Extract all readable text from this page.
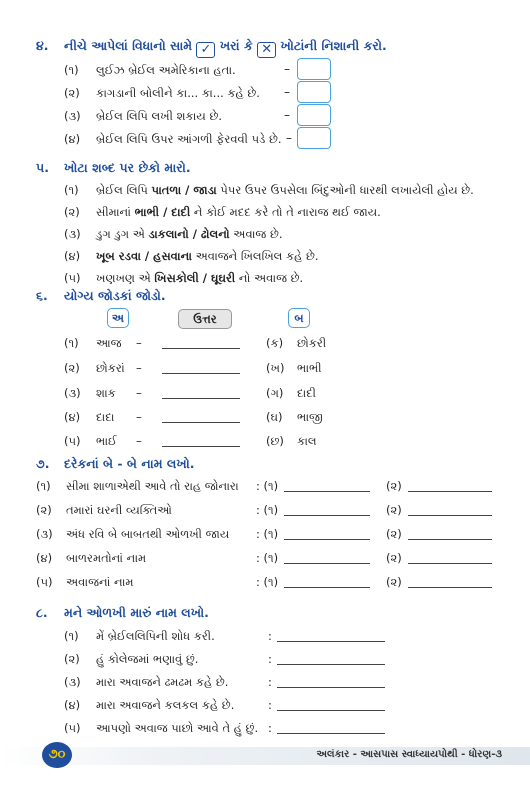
૪. નીચે આપેલાં વિધાનો સામે ✓ ખરાં કે ✕ ખોટાંની નિશાની કરો.
(૧) લુઈઝ બ્રેઈલ અમેરિકાના હતા.	–
(૨) કાગડાની બોલીને કા... કા... કહે છે. –
(૩) બ્રેઈલ લિપિ લખી શકાય છે.	–
(૪) બ્રેઈલ લિપિ ઉપર આંગળી ફેરવવી પડે છે. –
૫. ખોટા શબ્દ પર છેકો મારો.
(૧) બ્રેઈલ લિપિ પાતળા / જાડા પેપર ઉપર ઉપસેલા બિંદુઓની ધારથી લખાયેલી હોય છે.
(૨) સીમાનાં ભાભી / દાદી ને કોઈ મદદ કરે તો તે નારાજ થઈ જાય.
(૩) ડુગ ડુગ એ ડાકલાનો / ઢોલનો અવાજ છે.
(૪) ખૂબ રડવા / હસવાના અવાજને ખિલખિલ કહે છે.
(૫) ખણખણ એ ખિસકોલી / ઘૂઘરી નો અવાજ છે.
૬. યોગ્ય જોડકાં જોડો.
અ	ઉત્તર	બ
(૧) આજ –	(ક) છોકરી
(૨) છોકરાં –	(ખ) ભાભી
(૩) શાક –	(ગ) દાદી
(૪) દાદા –	(ઘ) ભાજી
(૫) ભાઈ –	(છ) કાલ
૭. દરેકનાં બે - બે નામ લખો.
(૧) સીમા શાળાએથી આવે તો રાહ જોનારા : (૧)	(૨)
(૨) તમારાં ઘરની વ્યક્તિઓ	: (૧)	(૨)
(૩) અંધ રવિ બે બાબતથી ઓળખી જાય : (૧)	(૨)
(૪) બાળરમતોનાં નામ	: (૧)	(૨)
(૫) અવાજનાં નામ	: (૧)	(૨)
૮. મને ઓળખી મારું નામ લખો.
(૧) મેં બ્રેઈલલિપિની શોધ કરી.	:
(૨) હું કોલેજમાં ભણાવું છું.	:
(૩) મારા અવાજને ઢમઢમ કહે છે.	:
(૪) મારા અવાજને કલકલ કહે છે.	:
(૫) આપણો અવાજ પાછો આવે તે હું છું. :
૭૦	અલંકાર - આસપાસ સ્વાધ્યાયપોથી - ધોરણ-૩
